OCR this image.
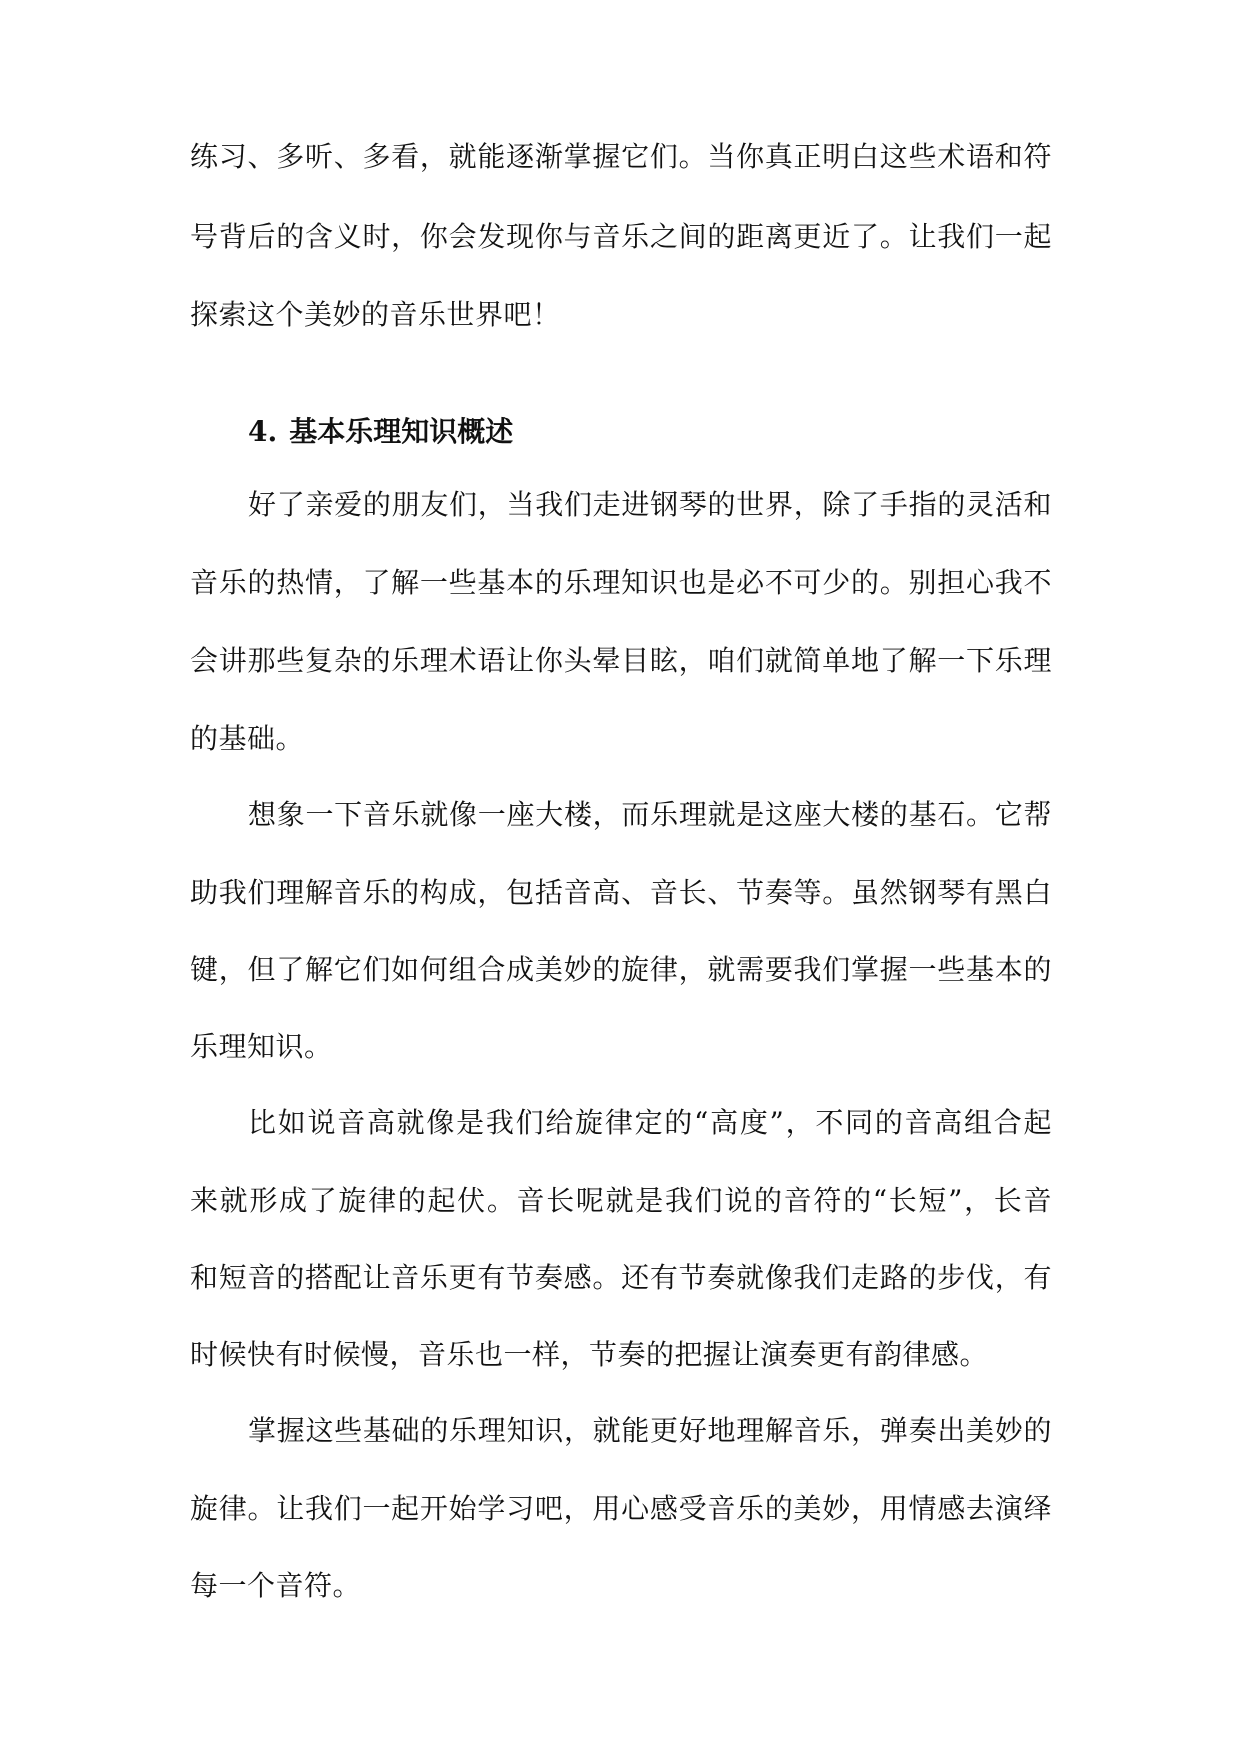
练习、多听、多看，就能逐渐掌握它们。当你真正明白这些术语和符
号背后的含义时，你会发现你与音乐之间的距离更近了。让我们一起
探索这个美妙的音乐世界吧！
4. 基本乐理知识概述
好了亲爱的朋友们，当我们走进钢琴的世界，除了手指的灵活和
音乐的热情，了解一些基本的乐理知识也是必不可少的。别担心我不
会讲那些复杂的乐理术语让你头晕目眩，咱们就简单地了解一下乐理
的基础。
想象一下音乐就像一座大楼，而乐理就是这座大楼的基石。它帮
助我们理解音乐的构成，包括音高、音长、节奏等。虽然钢琴有黑白
键，但了解它们如何组合成美妙的旋律，就需要我们掌握一些基本的
乐理知识。
比如说音高就像是我们给旋律定的“高度”，不同的音高组合起
来就形成了旋律的起伏。音长呢就是我们说的音符的“长短”，长音
和短音的搭配让音乐更有节奏感。还有节奏就像我们走路的步伐，有
时候快有时候慢，音乐也一样，节奏的把握让演奏更有韵律感。
掌握这些基础的乐理知识，就能更好地理解音乐，弹奏出美妙的
旋律。让我们一起开始学习吧，用心感受音乐的美妙，用情感去演绎
每一个音符。
